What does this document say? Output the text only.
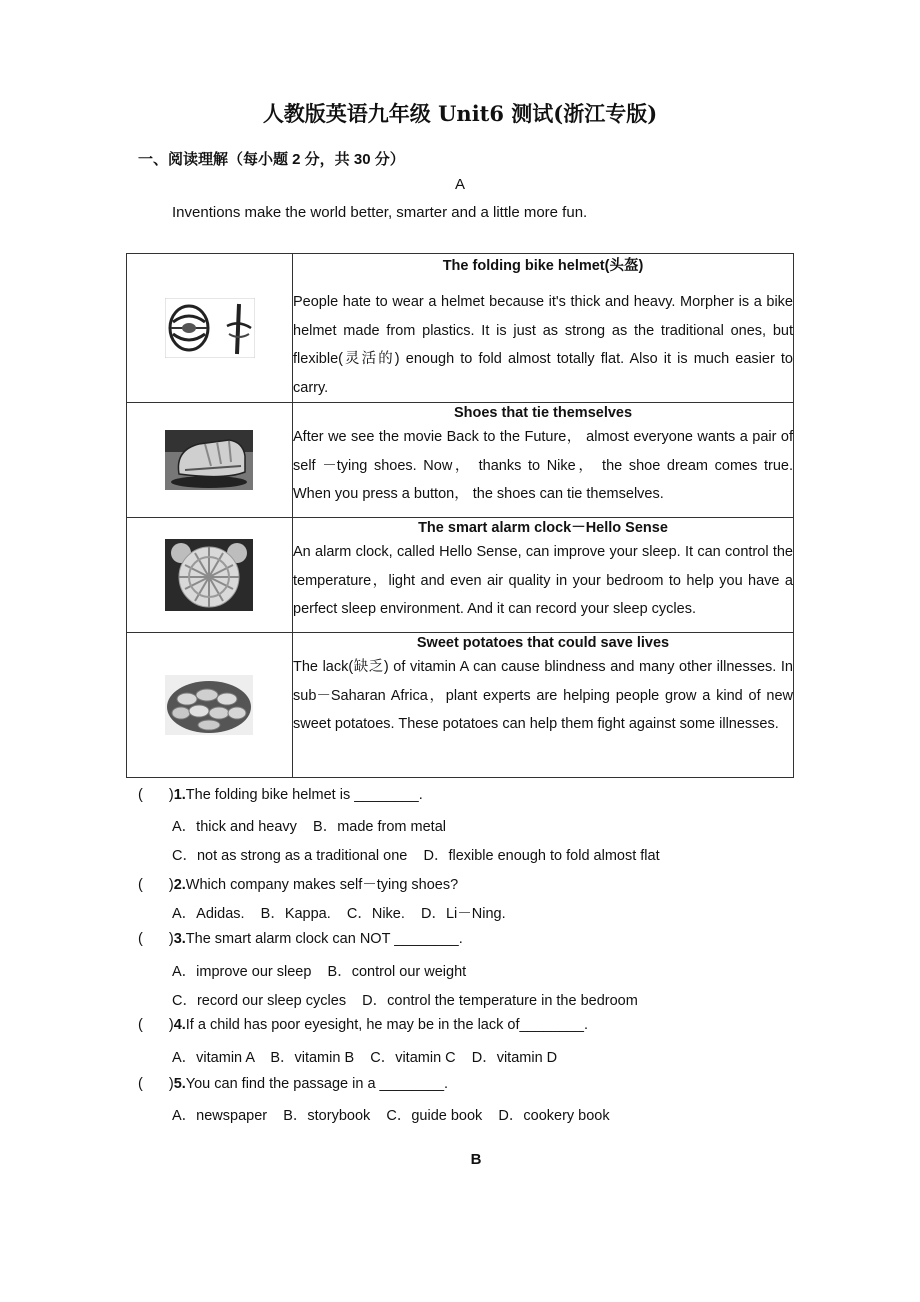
人教版英语九年级 Unit6 测试(浙江专版)
一、阅读理解（每小题 2 分，共 30 分）
A
Inventions make the world better, smarter and a little more fun.

The folding bike helmet(头盔)
People hate to wear a helmet because it's thick and heavy. Morpher is a bike helmet made from plastics. It is just as strong as the traditional ones, but flexible(灵活的) enough to fold almost totally flat. Also it is much easier to carry.

Shoes that tie themselves
After we see the movie Back to the Future， almost everyone wants a pair of self －tying shoes. Now， thanks to Nike， the shoe dream comes true. When you press a button， the shoes can tie themselves.

The smart alarm clock－Hello Sense
An alarm clock, called Hello Sense, can improve your sleep. It can control the temperature，light and even air quality in your bedroom to help you have a perfect sleep environment. And it can record your sleep cycles.

Sweet potatoes that could save lives
The lack(缺乏) of vitamin A can cause blindness and many other illnesses. In sub－Saharan Africa，plant experts are helping people grow a kind of new sweet potatoes. These potatoes can help them fight against some illnesses.
( )1.The folding bike helmet is ________.
A．thick and heavy    B．made from metal
C．not as strong as a traditional one    D．flexible enough to fold almost flat
( )2.Which company makes self－tying shoes?
A．Adidas.    B．Kappa.    C．Nike.    D．Li－Ning.
( )3.The smart alarm clock can NOT ________.
A．improve our sleep    B．control our weight
C．record our sleep cycles    D．control the temperature in the bedroom
( )4.If a child has poor eyesight, he may be in the lack of________.
A．vitamin A    B．vitamin B    C．vitamin C    D．vitamin D
( )5.You can find the passage in a ________.
A．newspaper    B．storybook    C．guide book    D．cookery book
B
